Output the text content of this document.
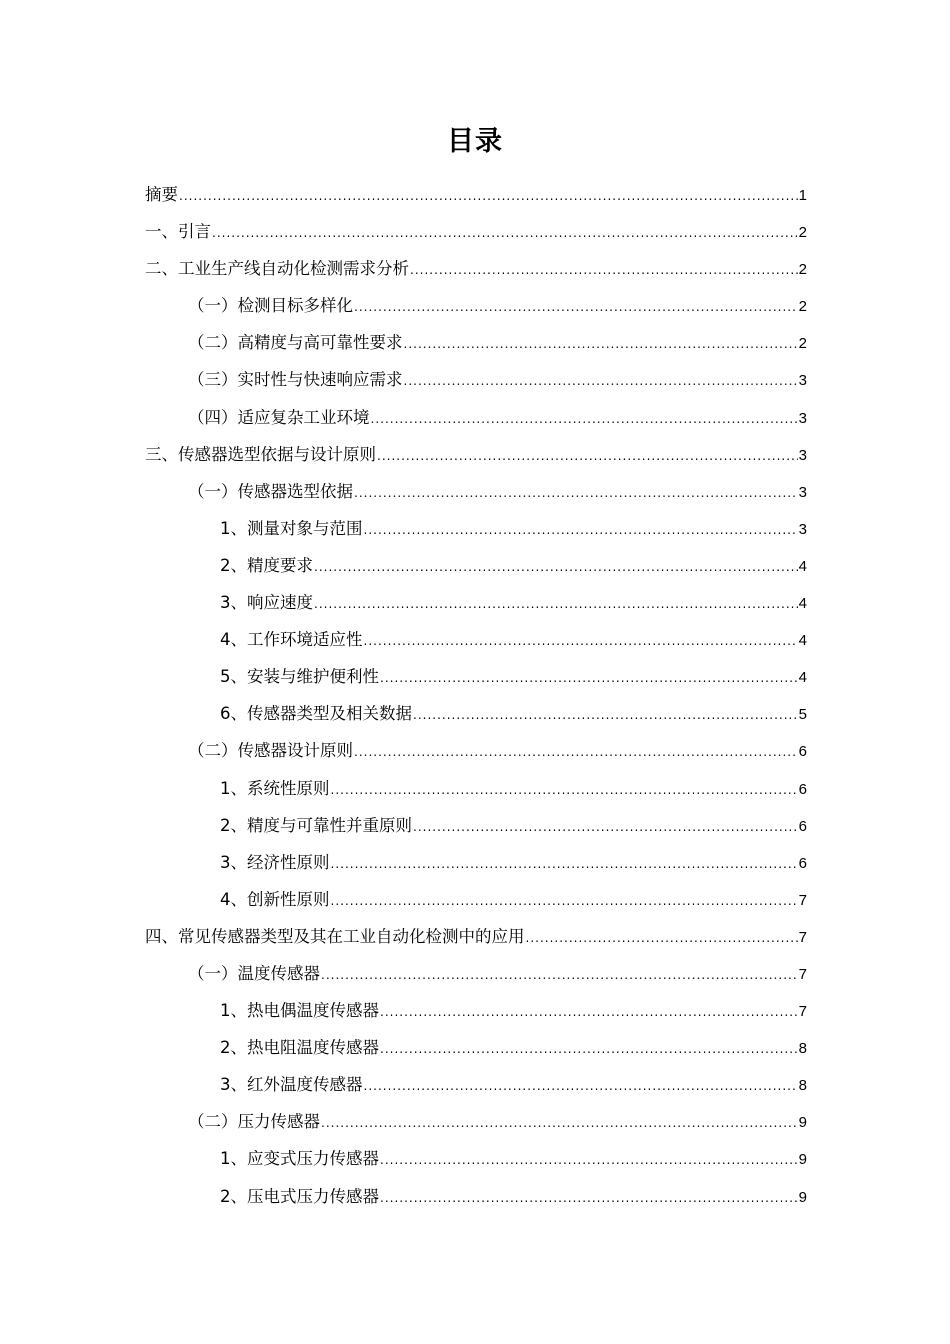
目录
摘要 .....	1
一、引言 .....	2
二、工业生产线自动化检测需求分析 .....	2
（一）检测目标多样化 .....	2
（二）高精度与高可靠性要求 .....	2
（三）实时性与快速响应需求 .....	3
（四）适应复杂工业环境 .....	3
三、传感器选型依据与设计原则 .....	3
（一）传感器选型依据 .....	3
1、测量对象与范围 .....	3
2、精度要求 .....	4
3、响应速度 .....	4
4、工作环境适应性 .....	4
5、安装与维护便利性 .....	4
6、传感器类型及相关数据 .....	5
（二）传感器设计原则 .....	6
1、系统性原则 .....	6
2、精度与可靠性并重原则 .....	6
3、经济性原则 .....	6
4、创新性原则 .....	7
四、常见传感器类型及其在工业自动化检测中的应用 .....	7
（一）温度传感器 .....	7
1、热电偶温度传感器 .....	7
2、热电阻温度传感器 .....	8
3、红外温度传感器 .....	8
（二）压力传感器 .....	9
1、应变式压力传感器 .....	9
2、压电式压力传感器 .....	9
